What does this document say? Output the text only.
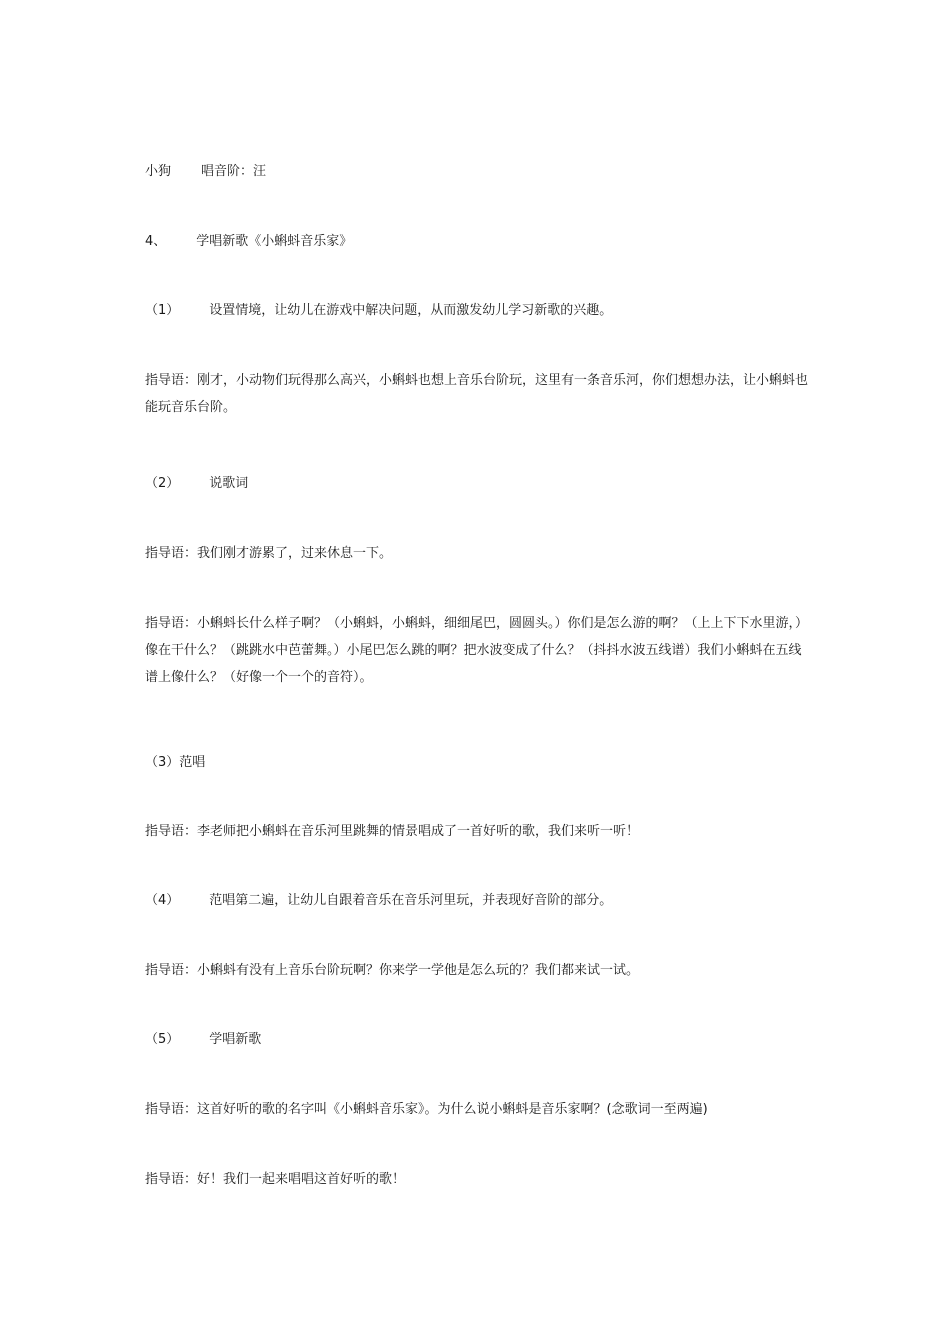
小狗 唱音阶：汪
4、 学唱新歌《小蝌蚪音乐家》
（1） 设置情境，让幼儿在游戏中解决问题，从而激发幼儿学习新歌的兴趣。
指导语：刚才，小动物们玩得那么高兴，小蝌蚪也想上音乐台阶玩，这里有一条音乐河，你们想想办法，让小蝌蚪也能玩音乐台阶。
（2） 说歌词
指导语：我们刚才游累了，过来休息一下。
指导语：小蝌蚪长什么样子啊？（小蝌蚪，小蝌蚪，细细尾巴，圆圆头。）你们是怎么游的啊？（上上下下水里游，）像在干什么？（跳跳水中芭蕾舞。）小尾巴怎么跳的啊？把水波变成了什么？（抖抖水波五线谱）我们小蝌蚪在五线谱上像什么？（好像一个一个的音符）。
（3）范唱
指导语：李老师把小蝌蚪在音乐河里跳舞的情景唱成了一首好听的歌，我们来听一听！
（4） 范唱第二遍，让幼儿自跟着音乐在音乐河里玩，并表现好音阶的部分。
指导语：小蝌蚪有没有上音乐台阶玩啊？你来学一学他是怎么玩的？我们都来试一试。
（5） 学唱新歌
指导语：这首好听的歌的名字叫《小蝌蚪音乐家》。为什么说小蝌蚪是音乐家啊？(念歌词一至两遍)
指导语：好！我们一起来唱唱这首好听的歌！
